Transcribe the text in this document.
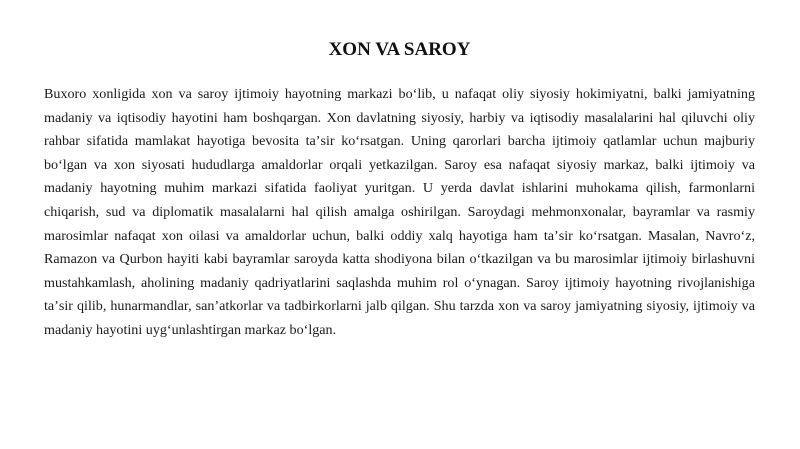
XON VA SAROY

Buxoro xonligida xon va saroy ijtimoiy hayotning markazi boʻlib, u nafaqat oliy siyosiy hokimiyatni, balki jamiyatning madaniy va iqtisodiy hayotini ham boshqargan. Xon davlatning siyosiy, harbiy va iqtisodiy masalalarini hal qiluvchi oliy rahbar sifatida mamlakat hayotiga bevosita taʼsir koʻrsatgan. Uning qarorlari barcha ijtimoiy qatlamlar uchun majburiy boʻlgan va xon siyosati hududlarga amaldorlar orqali yetkazilgan. Saroy esa nafaqat siyosiy markaz, balki ijtimoiy va madaniy hayotning muhim markazi sifatida faoliyat yuritgan. U yerda davlat ishlarini muhokama qilish, farmonlarni chiqarish, sud va diplomatik masalalarni hal qilish amalga oshirilgan. Saroydagi mehmonxonalar, bayramlar va rasmiy marosimlar nafaqat xon oilasi va amaldorlar uchun, balki oddiy xalq hayotiga ham taʼsir koʻrsatgan. Masalan, Navroʻz, Ramazon va Qurbon hayiti kabi bayramlar saroyda katta shodiyona bilan oʻtkazilgan va bu marosimlar ijtimoiy birlashuvni mustahkamlash, aholining madaniy qadriyatlarini saqlashda muhim rol oʻynagan. Saroy ijtimoiy hayotning rivojlanishiga taʼsir qilib, hunarmandlar, sanʼatkorlar va tadbirkorlarni jalb qilgan. Shu tarzda xon va saroy jamiyatning siyosiy, ijtimoiy va madaniy hayotini uygʻunlashtirgan markaz boʻlgan.
